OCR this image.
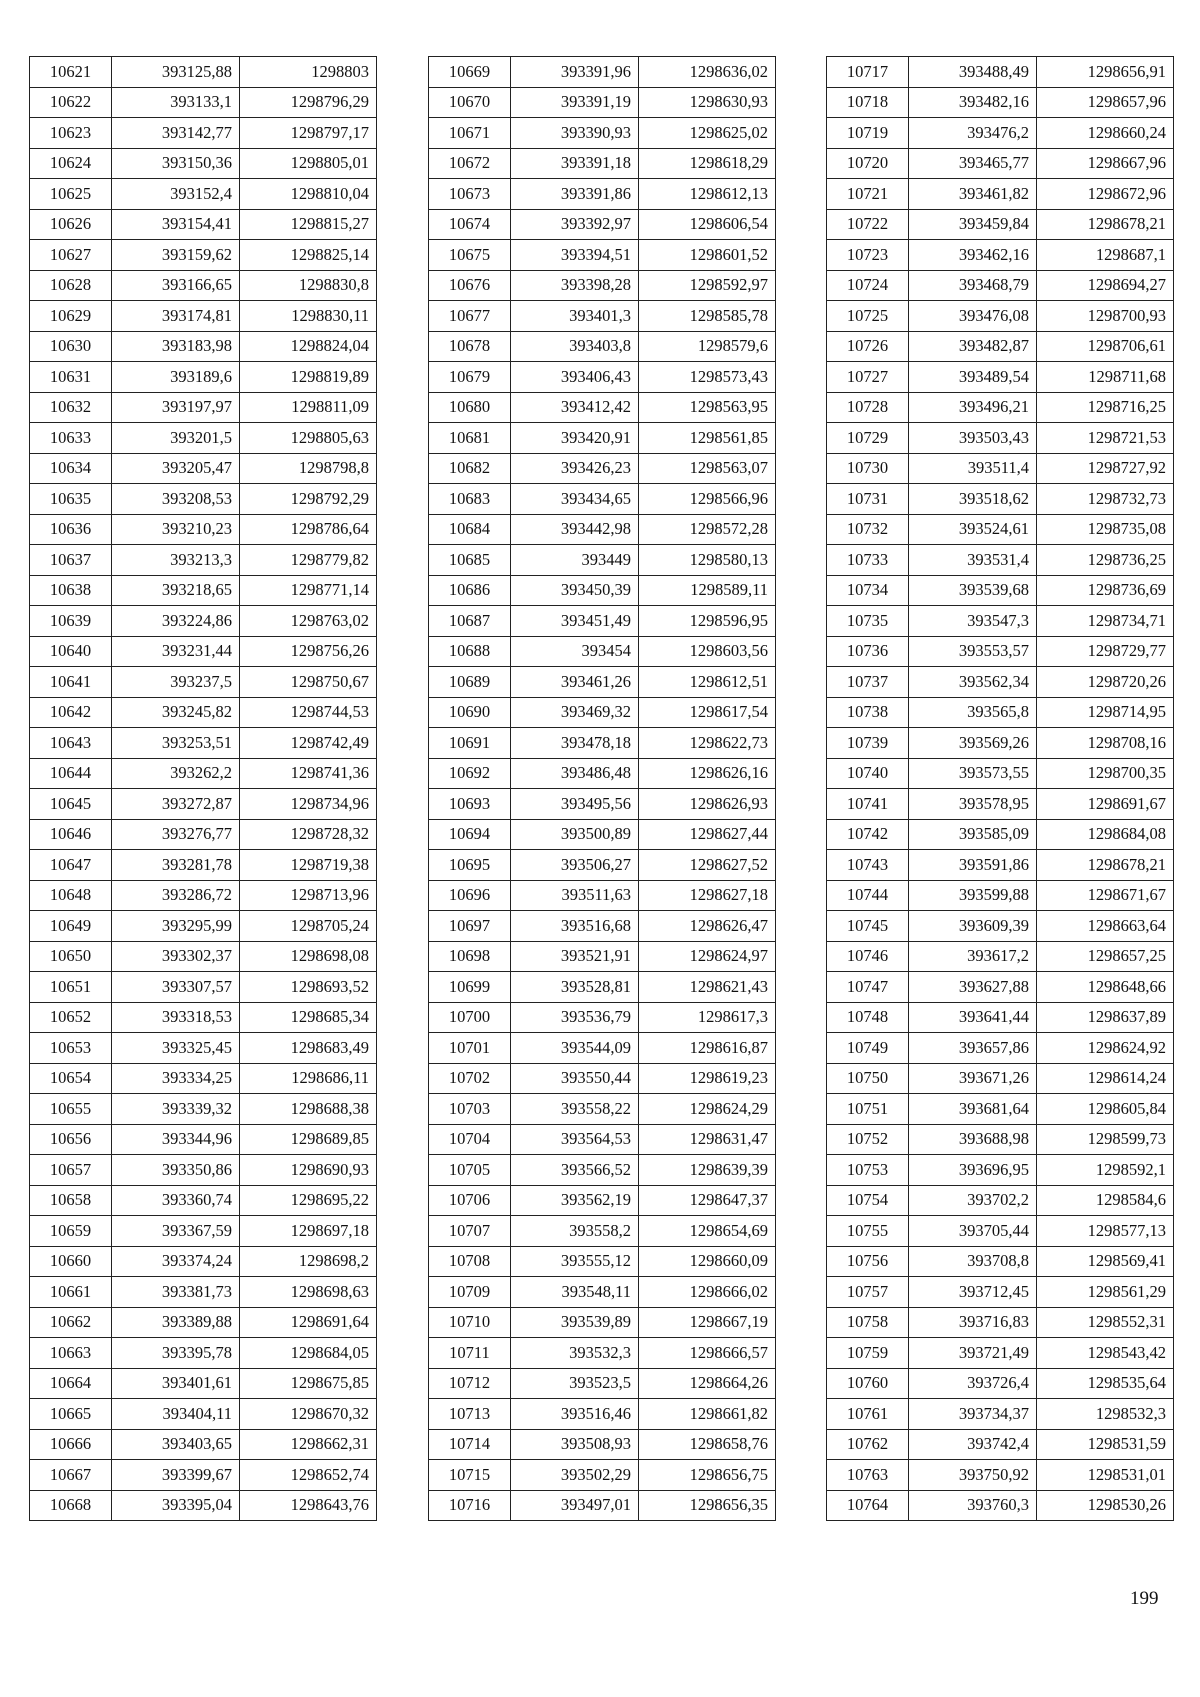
10621	393125,88	1298803
10622	393133,1	1298796,29
10623	393142,77	1298797,17
10624	393150,36	1298805,01
10625	393152,4	1298810,04
10626	393154,41	1298815,27
10627	393159,62	1298825,14
10628	393166,65	1298830,8
10629	393174,81	1298830,11
10630	393183,98	1298824,04
10631	393189,6	1298819,89
10632	393197,97	1298811,09
10633	393201,5	1298805,63
10634	393205,47	1298798,8
10635	393208,53	1298792,29
10636	393210,23	1298786,64
10637	393213,3	1298779,82
10638	393218,65	1298771,14
10639	393224,86	1298763,02
10640	393231,44	1298756,26
10641	393237,5	1298750,67
10642	393245,82	1298744,53
10643	393253,51	1298742,49
10644	393262,2	1298741,36
10645	393272,87	1298734,96
10646	393276,77	1298728,32
10647	393281,78	1298719,38
10648	393286,72	1298713,96
10649	393295,99	1298705,24
10650	393302,37	1298698,08
10651	393307,57	1298693,52
10652	393318,53	1298685,34
10653	393325,45	1298683,49
10654	393334,25	1298686,11
10655	393339,32	1298688,38
10656	393344,96	1298689,85
10657	393350,86	1298690,93
10658	393360,74	1298695,22
10659	393367,59	1298697,18
10660	393374,24	1298698,2
10661	393381,73	1298698,63
10662	393389,88	1298691,64
10663	393395,78	1298684,05
10664	393401,61	1298675,85
10665	393404,11	1298670,32
10666	393403,65	1298662,31
10667	393399,67	1298652,74
10668	393395,04	1298643,76
10669	393391,96	1298636,02
10670	393391,19	1298630,93
10671	393390,93	1298625,02
10672	393391,18	1298618,29
10673	393391,86	1298612,13
10674	393392,97	1298606,54
10675	393394,51	1298601,52
10676	393398,28	1298592,97
10677	393401,3	1298585,78
10678	393403,8	1298579,6
10679	393406,43	1298573,43
10680	393412,42	1298563,95
10681	393420,91	1298561,85
10682	393426,23	1298563,07
10683	393434,65	1298566,96
10684	393442,98	1298572,28
10685	393449	1298580,13
10686	393450,39	1298589,11
10687	393451,49	1298596,95
10688	393454	1298603,56
10689	393461,26	1298612,51
10690	393469,32	1298617,54
10691	393478,18	1298622,73
10692	393486,48	1298626,16
10693	393495,56	1298626,93
10694	393500,89	1298627,44
10695	393506,27	1298627,52
10696	393511,63	1298627,18
10697	393516,68	1298626,47
10698	393521,91	1298624,97
10699	393528,81	1298621,43
10700	393536,79	1298617,3
10701	393544,09	1298616,87
10702	393550,44	1298619,23
10703	393558,22	1298624,29
10704	393564,53	1298631,47
10705	393566,52	1298639,39
10706	393562,19	1298647,37
10707	393558,2	1298654,69
10708	393555,12	1298660,09
10709	393548,11	1298666,02
10710	393539,89	1298667,19
10711	393532,3	1298666,57
10712	393523,5	1298664,26
10713	393516,46	1298661,82
10714	393508,93	1298658,76
10715	393502,29	1298656,75
10716	393497,01	1298656,35
10717	393488,49	1298656,91
10718	393482,16	1298657,96
10719	393476,2	1298660,24
10720	393465,77	1298667,96
10721	393461,82	1298672,96
10722	393459,84	1298678,21
10723	393462,16	1298687,1
10724	393468,79	1298694,27
10725	393476,08	1298700,93
10726	393482,87	1298706,61
10727	393489,54	1298711,68
10728	393496,21	1298716,25
10729	393503,43	1298721,53
10730	393511,4	1298727,92
10731	393518,62	1298732,73
10732	393524,61	1298735,08
10733	393531,4	1298736,25
10734	393539,68	1298736,69
10735	393547,3	1298734,71
10736	393553,57	1298729,77
10737	393562,34	1298720,26
10738	393565,8	1298714,95
10739	393569,26	1298708,16
10740	393573,55	1298700,35
10741	393578,95	1298691,67
10742	393585,09	1298684,08
10743	393591,86	1298678,21
10744	393599,88	1298671,67
10745	393609,39	1298663,64
10746	393617,2	1298657,25
10747	393627,88	1298648,66
10748	393641,44	1298637,89
10749	393657,86	1298624,92
10750	393671,26	1298614,24
10751	393681,64	1298605,84
10752	393688,98	1298599,73
10753	393696,95	1298592,1
10754	393702,2	1298584,6
10755	393705,44	1298577,13
10756	393708,8	1298569,41
10757	393712,45	1298561,29
10758	393716,83	1298552,31
10759	393721,49	1298543,42
10760	393726,4	1298535,64
10761	393734,37	1298532,3
10762	393742,4	1298531,59
10763	393750,92	1298531,01
10764	393760,3	1298530,26
199
